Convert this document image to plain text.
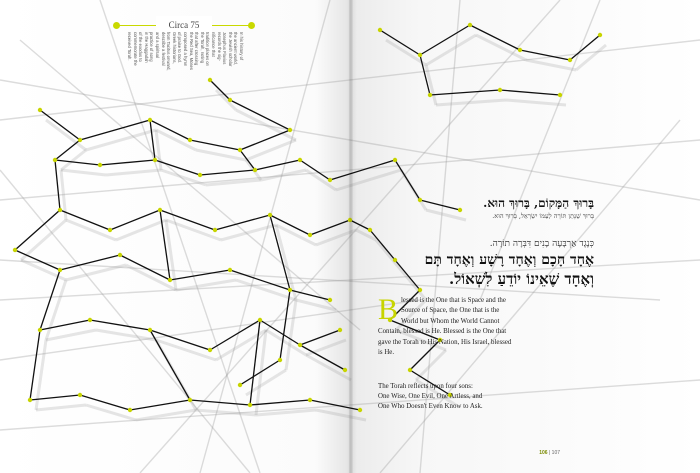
Circa 75
In his history of
the ancient world,
the Jewish scholar
Josephus Flavius
records the sig-
nificance that
tradition places on
the Torah, noting
that after crossing
the Red Sea, Moses
composed a hymn
of praise to God.
Greek historians,
from Tacitus onward,
describe a festival
and a spiritual
practice of song
in the Haggadah
of the exodus to
commemorate the
received Torah.
בָּרוּךְ הַמָּקוֹם, בָּרוּךְ הוּא.
בָּרוּךְ שֶׁנָּתַן תּוֹרָה לְעַמּוֹ יִשְׂרָאֵל, בָּרוּךְ הוּא.
כְּנֶגֶד אַרְבָּעָה בָנִים דִּבְּרָה תוֹרָה.
אֶחָד חָכָם וְאֶחָד רָשָׁע וְאֶחָד תָּם
וְאֶחָד שֶׁאֵינוֹ יוֹדֵעַ לִשְׁאוֹל.
Blessed is the One that is Space and the Source of Space, the One that is the World but Whom the World Cannot Contain, blessed is He. Blessed is the One that gave the Torah to His Nation, His Israel, blessed is He.
The Torah reflects upon four sons:
One Wise, One Evil, One Artless, and
One Who Doesn't Even Know to Ask.
106 | 107
